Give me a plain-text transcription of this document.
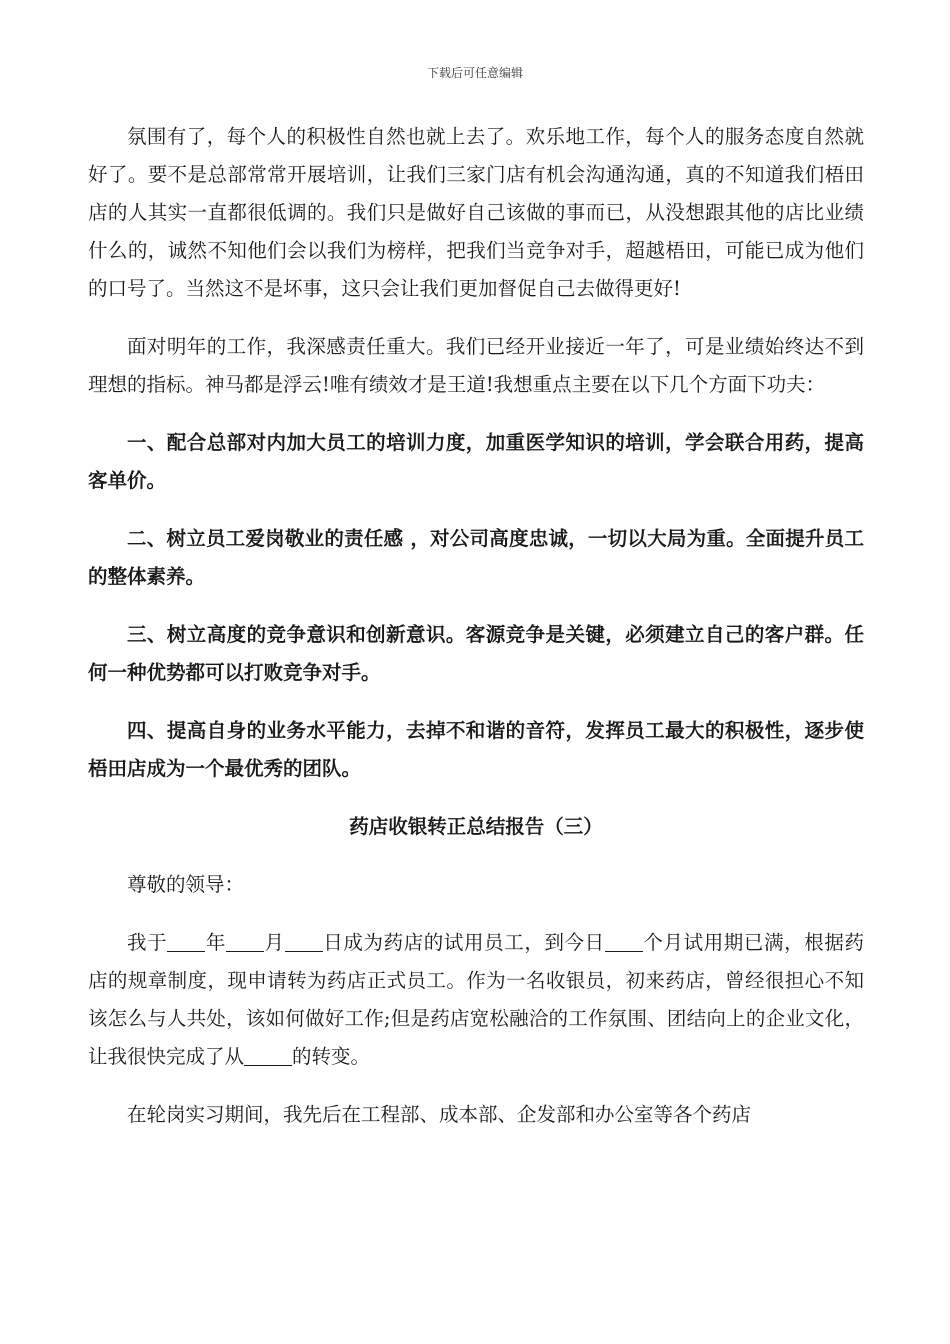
下载后可任意编辑

氛围有了，每个人的积极性自然也就上去了。欢乐地工作，每个人的服务态度自然就好了。要不是总部常常开展培训，让我们三家门店有机会沟通沟通，真的不知道我们梧田店的人其实一直都很低调的。我们只是做好自己该做的事而已，从没想跟其他的店比业绩什么的，诚然不知他们会以我们为榜样，把我们当竞争对手，超越梧田，可能已成为他们的口号了。当然这不是坏事，这只会让我们更加督促自己去做得更好!

面对明年的工作，我深感责任重大。我们已经开业接近一年了，可是业绩始终达不到理想的指标。神马都是浮云!唯有绩效才是王道!我想重点主要在以下几个方面下功夫：

一、配合总部对内加大员工的培训力度，加重医学知识的培训，学会联合用药，提高客单价。

二、树立员工爱岗敬业的责任感 ，对公司高度忠诚，一切以大局为重。全面提升员工的整体素养。

三、树立高度的竞争意识和创新意识。客源竞争是关键，必须建立自己的客户群。任何一种优势都可以打败竞争对手。

四、提高自身的业务水平能力，去掉不和谐的音符，发挥员工最大的积极性，逐步使梧田店成为一个最优秀的团队。

药店收银转正总结报告（三）

尊敬的领导：

我于 年 月 日成为药店的试用员工，到今日 个月试用期已满，根据药店的规章制度，现申请转为药店正式员工。作为一名收银员，初来药店，曾经很担心不知该怎么与人共处，该如何做好工作;但是药店宽松融洽的工作氛围、团结向上的企业文化，让我很快完成了从 的转变。

在轮岗实习期间，我先后在工程部、成本部、企发部和办公室等各个药店
